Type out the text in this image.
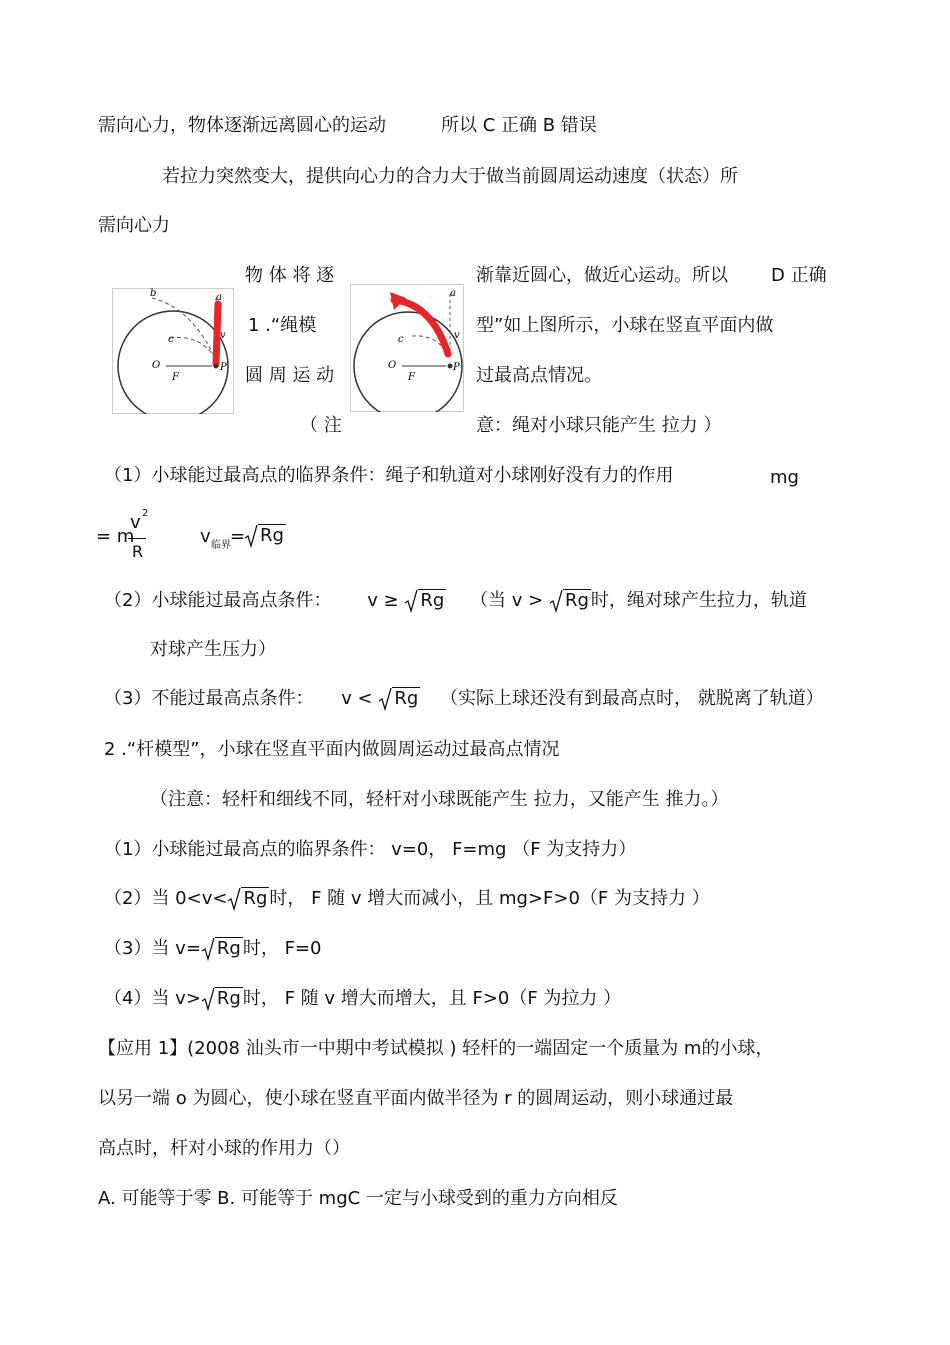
需向心力，物体逐渐远离圆心的运动	所以 C 正确 B 错误
若拉力突然变大，提供向心力的合力大于做当前圆周运动速度（状态）所
需向心力
b	a
c	v
O
F
P
物 体 将 逐
1 .“绳模
圆 周 运 动
（ 注
a
c	v
O
F
P
渐靠近圆心，做近心运动。所以 D 正确
型”如上图所示，小球在竖直平面内做
过最高点情况。
意：绳对小球只能产生 拉力 ）
（1）小球能过最高点的临界条件：绳子和轨道对小球刚好没有力的作用	mg
= m
v 2
R
v 临界 = Rg
（2）小球能过最高点条件： v ≥ Rg （当 v > Rg 时，绳对球产生拉力，轨道
对球产生压力）
（3）不能过最高点条件： v < Rg （实际上球还没有到最高点时， 就脱离了轨道）
2 .“杆模型”，小球在竖直平面内做圆周运动过最高点情况
（注意：轻杆和细线不同，轻杆对小球既能产生 拉力，又能产生 推力。）
（1）小球能过最高点的临界条件： v=0， F=mg （F 为支持力）
（2）当 0<v< Rg 时， F 随 v 增大而减小，且 mg>F>0（F 为支持力 ）
（3）当 v= Rg 时， F=0
（4）当 v> Rg 时， F 随 v 增大而增大，且 F>0（F 为拉力 ）
【应用 1】(2008 汕头市一中期中考试模拟 ) 轻杆的一端固定一个质量为 m的小球，
以另一端 o 为圆心，使小球在竖直平面内做半径为 r 的圆周运动，则小球通过最
高点时，杆对小球的作用力（）
A. 可能等于零 B. 可能等于 mgC 一定与小球受到的重力方向相反
